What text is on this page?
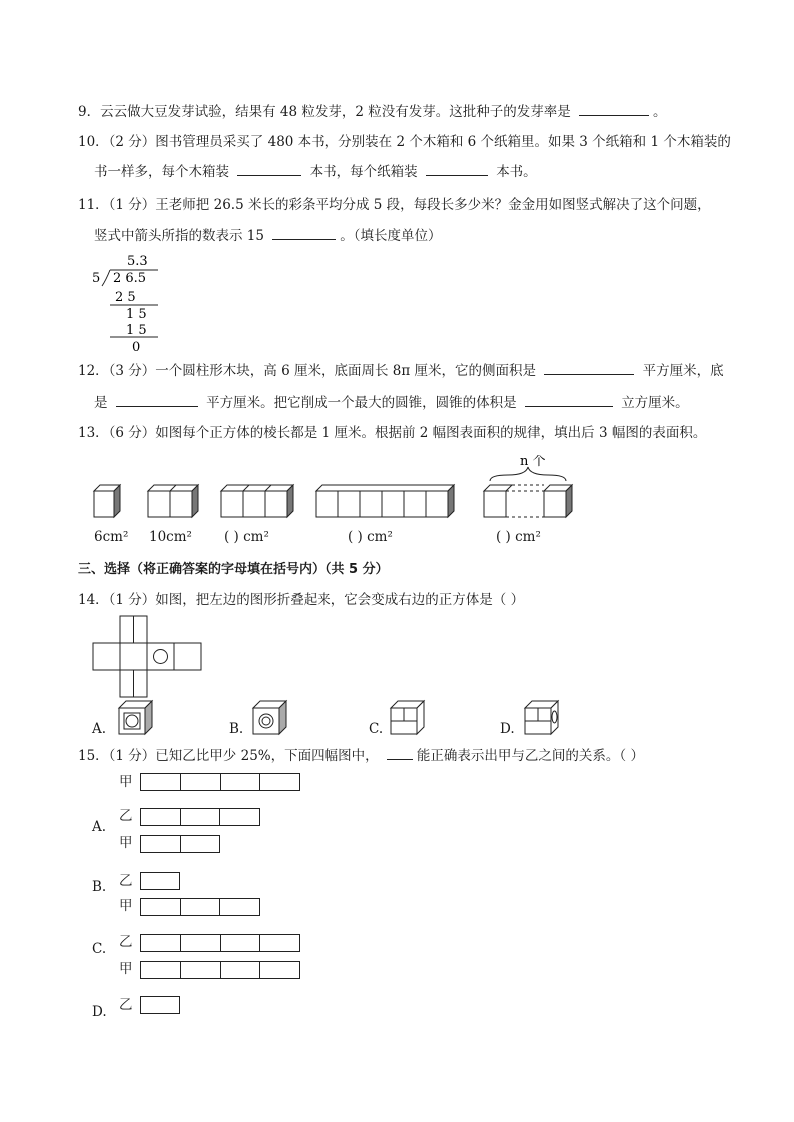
9．云云做大豆发芽试验，结果有 48 粒发芽，2 粒没有发芽。这批种子的发芽率是	。
10．（2 分）图书管理员采买了 480 本书，分别装在 2 个木箱和 6 个纸箱里。如果 3 个纸箱和 1 个木箱装的
书一样多，每个木箱装	本书，每个纸箱装	本书。
11．（1 分）王老师把 26.5 米长的彩条平均分成 5 段，每段长多少米？金金用如图竖式解决了这个问题，
竖式中箭头所指的数表示 15	。（填长度单位）
5.3
5 2 6.5
2 5
1 5
1 5
0
12．（3 分）一个圆柱形木块，高 6 厘米，底面周长 8π 厘米，它的侧面积是	平方厘米，底
是	平方厘米。把它削成一个最大的圆锥，圆锥的体积是	立方厘米。
13．（6 分）如图每个正方体的棱长都是 1 厘米。根据前 2 幅图表面积的规律，填出后 3 幅图的表面积。
n 个
6cm² 10cm² ( ) cm²	( ) cm²	( ) cm²
三、选择（将正确答案的字母填在括号内）（共 5 分）
14．（1 分）如图，把左边的图形折叠起来，它会变成右边的正方体是（ ）
A.	B.	C.	D.
15．（1 分）已知乙比甲少 25%，下面四幅图中，	能正确表示出甲与乙之间的关系。（ ）
甲
A.
乙
甲
B. 乙
甲
C. 乙
甲
D. 乙
